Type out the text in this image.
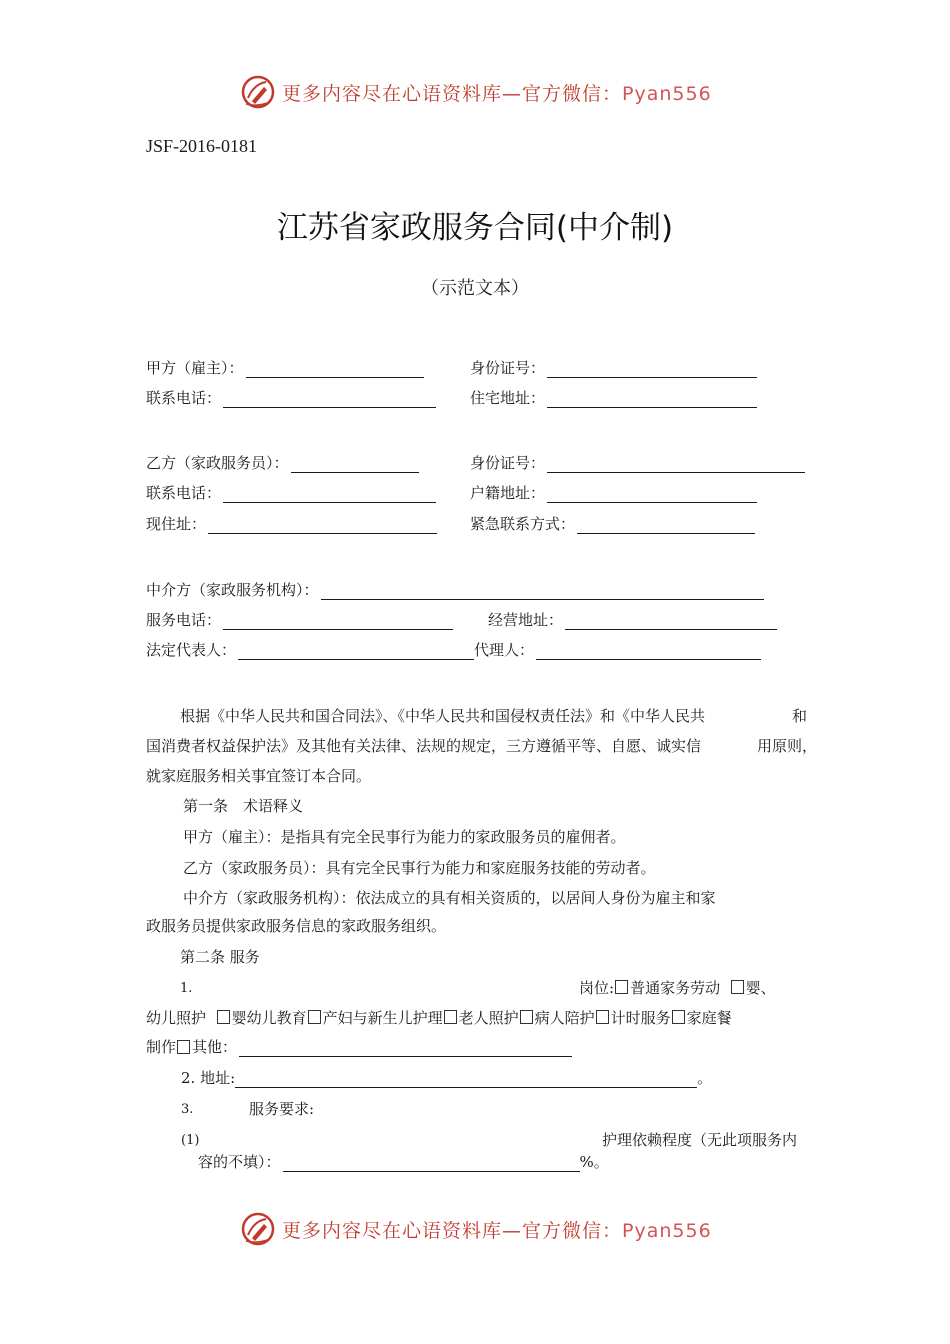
更多内容尽在心语资料库—官方微信：Pyan556
JSF-2016-0181
江苏省家政服务合同(中介制)
（示范文本）
甲方（雇主）：	身份证号：
联系电话：	住宅地址：
乙方（家政服务员）：	身份证号：
联系电话：	户籍地址：
现住址：	紧急联系方式：
中介方（家政服务机构）：
服务电话：	经营地址：
法定代表人：	代理人：
根据《中华人民共和国合同法》、《中华人民共和国侵权责任法》和《中华人民共	和
国消费者权益保护法》及其他有关法律、法规的规定，三方遵循平等、自愿、诚实信	用原则，
就家庭服务相关事宜签订本合同。
第一条　术语释义
甲方（雇主）：是指具有完全民事行为能力的家政服务员的雇佣者。
乙方（家政服务员）：具有完全民事行为能力和家庭服务技能的劳动者。
中介方（家政服务机构）：依法成立的具有相关资质的，以居间人身份为雇主和家
政服务员提供家政服务信息的家政服务组织。
第二条 服务
1.	岗位: 普通家务劳动 婴、
幼儿照护 婴幼儿教育 产妇与新生儿护理 老人照护 病人陪护 计时服务 家庭餐
制作 其他：
2. 地址:	。
3.	服务要求:
(1)	护理依赖程度（无此项服务内
容的不填）：	%。
更多内容尽在心语资料库—官方微信：Pyan556
